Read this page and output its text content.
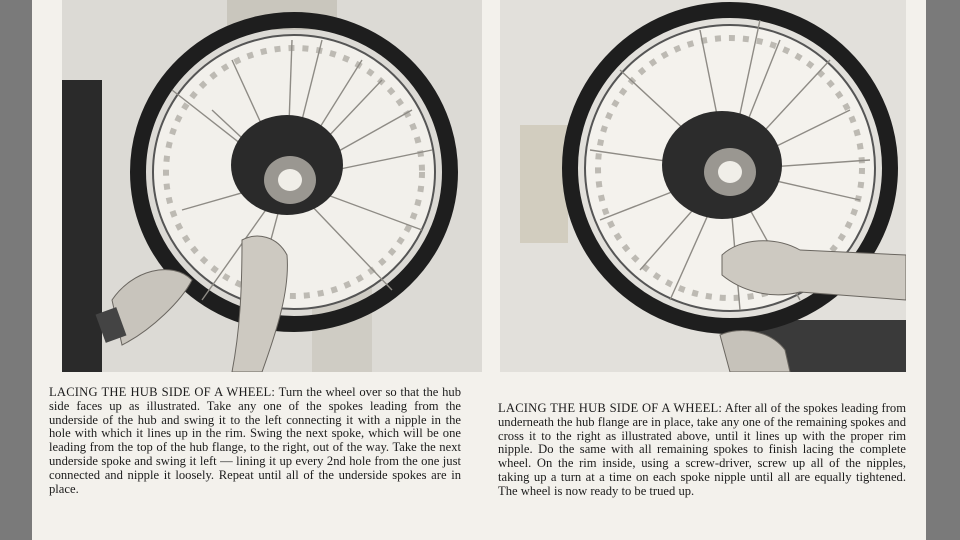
LACING THE HUB SIDE OF A WHEEL: Turn the wheel over so that the hub side faces up as illustrated. Take any one of the spokes leading from the underside of the hub and swing it to the left connecting it with a nipple in the hole with which it lines up in the rim. Swing the next spoke, which will be one leading from the top of the hub flange, to the right, out of the way. Take the next underside spoke and swing it left — lining it up every 2nd hole from the one just connected and nipple it loosely. Repeat until all of the underside spokes are in place.

LACING THE HUB SIDE OF A WHEEL: After all of the spokes leading from underneath the hub flange are in place, take any one of the remaining spokes and cross it to the right as illustrated above, until it lines up with the proper rim nipple. Do the same with all remaining spokes to finish lacing the complete wheel. On the rim inside, using a screw-driver, screw up all of the nipples, taking up a turn at a time on each spoke nipple until all are equally tightened. The wheel is now ready to be trued up.
